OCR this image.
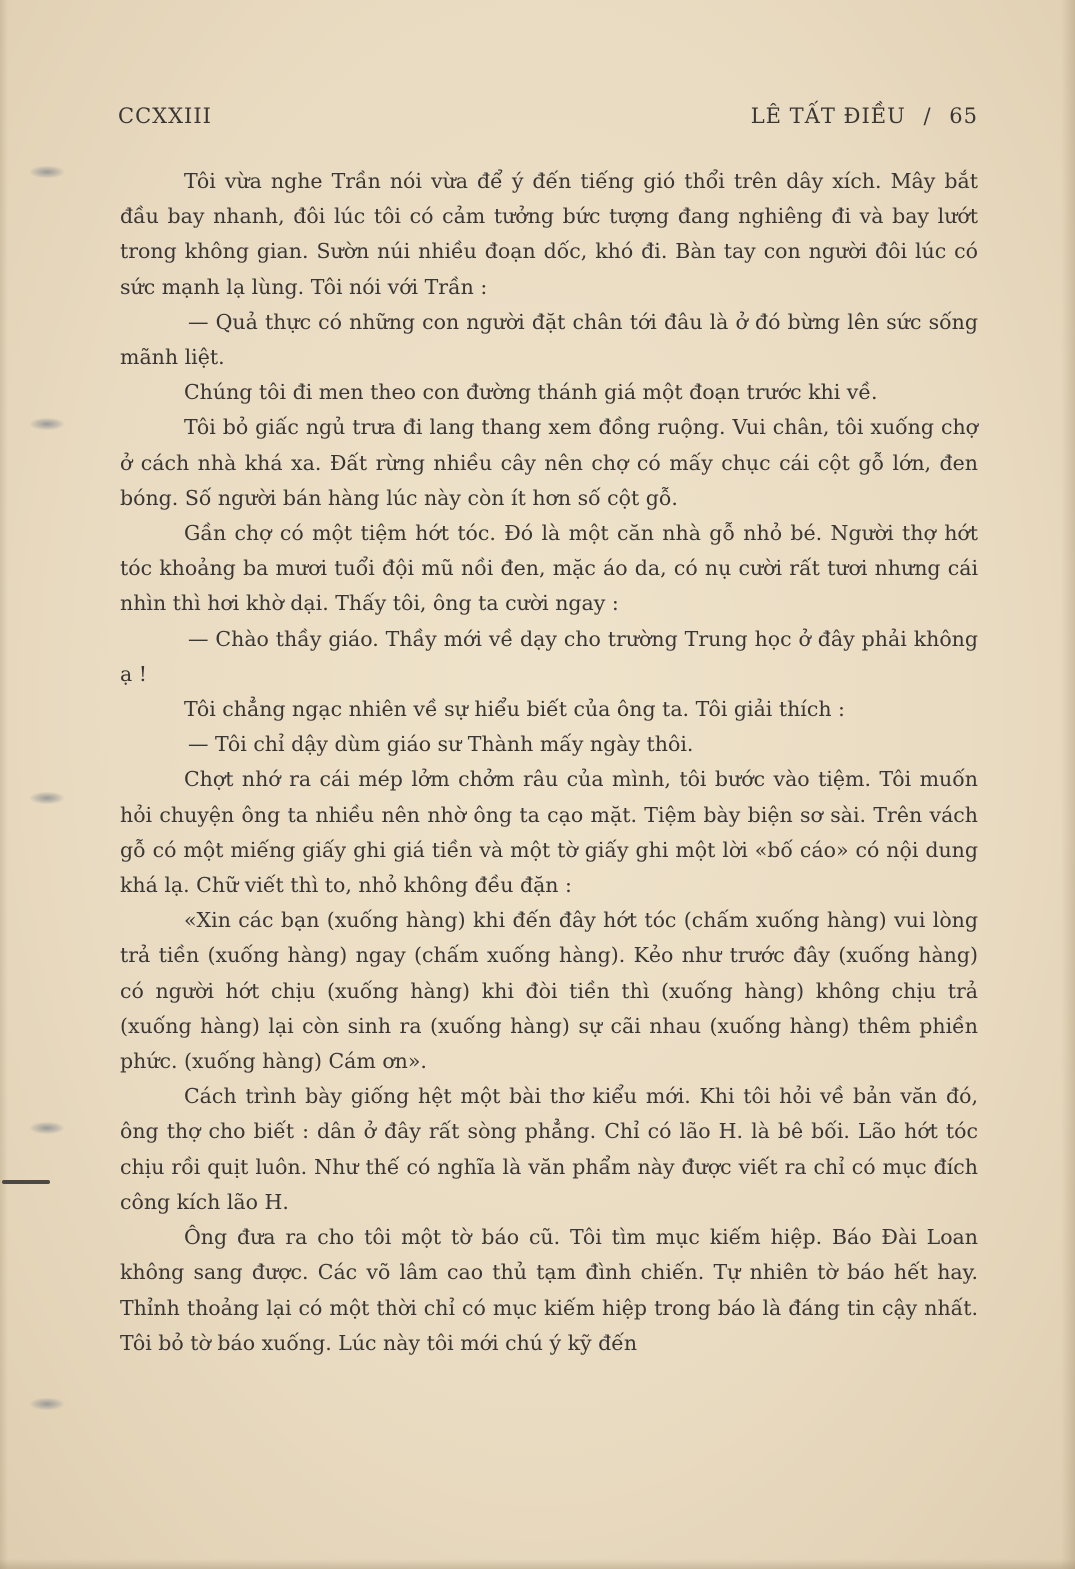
CCXXIII	LÊ TẤT ĐIỀU / 65

Tôi vừa nghe Trần nói vừa để ý đến tiếng gió thổi trên dây xích. Mây bắt đầu bay nhanh, đôi lúc tôi có cảm tưởng bức tượng đang nghiêng đi và bay lướt trong không gian. Sườn núi nhiều đoạn dốc, khó đi. Bàn tay con người đôi lúc có sức mạnh lạ lùng. Tôi nói với Trần :

— Quả thực có những con người đặt chân tới đâu là ở đó bừng lên sức sống mãnh liệt.

Chúng tôi đi men theo con đường thánh giá một đoạn trước khi về.

Tôi bỏ giấc ngủ trưa đi lang thang xem đồng ruộng. Vui chân, tôi xuống chợ ở cách nhà khá xa. Đất rừng nhiều cây nên chợ có mấy chục cái cột gỗ lớn, đen bóng. Số người bán hàng lúc này còn ít hơn số cột gỗ.

Gần chợ có một tiệm hớt tóc. Đó là một căn nhà gỗ nhỏ bé. Người thợ hớt tóc khoảng ba mươi tuổi đội mũ nồi đen, mặc áo da, có nụ cười rất tươi nhưng cái nhìn thì hơi khờ dại. Thấy tôi, ông ta cười ngay :

— Chào thầy giáo. Thầy mới về dạy cho trường Trung học ở đây phải không ạ !

Tôi chẳng ngạc nhiên về sự hiểu biết của ông ta. Tôi giải thích :

— Tôi chỉ dậy dùm giáo sư Thành mấy ngày thôi.

Chợt nhớ ra cái mép lởm chởm râu của mình, tôi bước vào tiệm. Tôi muốn hỏi chuyện ông ta nhiều nên nhờ ông ta cạo mặt. Tiệm bày biện sơ sài. Trên vách gỗ có một miếng giấy ghi giá tiền và một tờ giấy ghi một lời «bố cáo» có nội dung khá lạ. Chữ viết thì to, nhỏ không đều đặn :

«Xin các bạn (xuống hàng) khi đến đây hớt tóc (chấm xuống hàng) vui lòng trả tiền (xuống hàng) ngay (chấm xuống hàng). Kẻo như trước đây (xuống hàng) có người hớt chịu (xuống hàng) khi đòi tiền thì (xuống hàng) không chịu trả (xuống hàng) lại còn sinh ra (xuống hàng) sự cãi nhau (xuống hàng) thêm phiền phức. (xuống hàng) Cám ơn».

Cách trình bày giống hệt một bài thơ kiểu mới. Khi tôi hỏi về bản văn đó, ông thợ cho biết : dân ở đây rất sòng phẳng. Chỉ có lão H. là bê bối. Lão hớt tóc chịu rồi quịt luôn. Như thế có nghĩa là văn phẩm này được viết ra chỉ có mục đích công kích lão H.

Ông đưa ra cho tôi một tờ báo cũ. Tôi tìm mục kiếm hiệp. Báo Đài Loan không sang được. Các võ lâm cao thủ tạm đình chiến. Tự nhiên tờ báo hết hay. Thỉnh thoảng lại có một thời chỉ có mục kiếm hiệp trong báo là đáng tin cậy nhất. Tôi bỏ tờ báo xuống. Lúc này tôi mới chú ý kỹ đến
